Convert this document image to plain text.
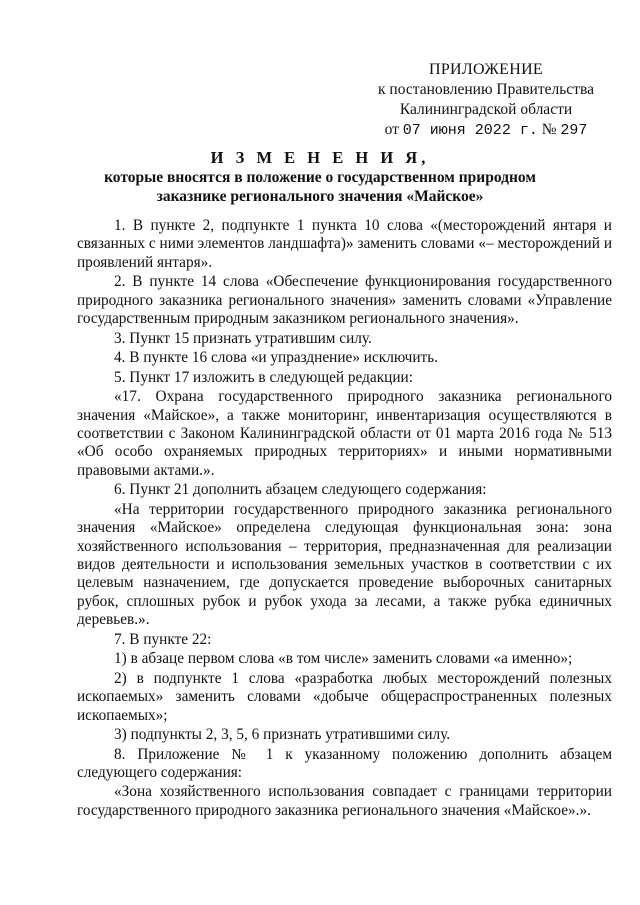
ПРИЛОЖЕНИЕ
к постановлению Правительства
Калининградской области
от 07 июня 2022 г. № 297
И З М Е Н Е Н И Я,
которые вносятся в положение о государственном природном
заказнике регионального значения «Майское»

1. В пункте 2, подпункте 1 пункта 10 слова «(месторождений янтаря и связанных с ними элементов ландшафта)» заменить словами «– месторождений и проявлений янтаря».

2. В пункте 14 слова «Обеспечение функционирования государственного природного заказника регионального значения» заменить словами «Управление государственным природным заказником регионального значения».

3. Пункт 15 признать утратившим силу.

4. В пункте 16 слова «и упразднение» исключить.

5. Пункт 17 изложить в следующей редакции:

«17. Охрана государственного природного заказника регионального значения «Майское», а также мониторинг, инвентаризация осуществляются в соответствии с Законом Калининградской области от 01 марта 2016 года № 513 «Об особо охраняемых природных территориях» и иными нормативными правовыми актами.».

6. Пункт 21 дополнить абзацем следующего содержания:

«На территории государственного природного заказника регионального значения «Майское» определена следующая функциональная зона: зона хозяйственного использования – территория, предназначенная для реализации видов деятельности и использования земельных участков в соответствии с их целевым назначением, где допускается проведение выборочных санитарных рубок, сплошных рубок и рубок ухода за лесами, а также рубка единичных деревьев.».

7. В пункте 22:

1) в абзаце первом слова «в том числе» заменить словами «а именно»;

2) в подпункте 1 слова «разработка любых месторождений полезных ископаемых» заменить словами «добыче общераспространенных полезных ископаемых»;

3) подпункты 2, 3, 5, 6 признать утратившими силу.

8. Приложение № 1 к указанному положению дополнить абзацем следующего содержания:

«Зона хозяйственного использования совпадает с границами территории государственного природного заказника регионального значения «Майское».».
